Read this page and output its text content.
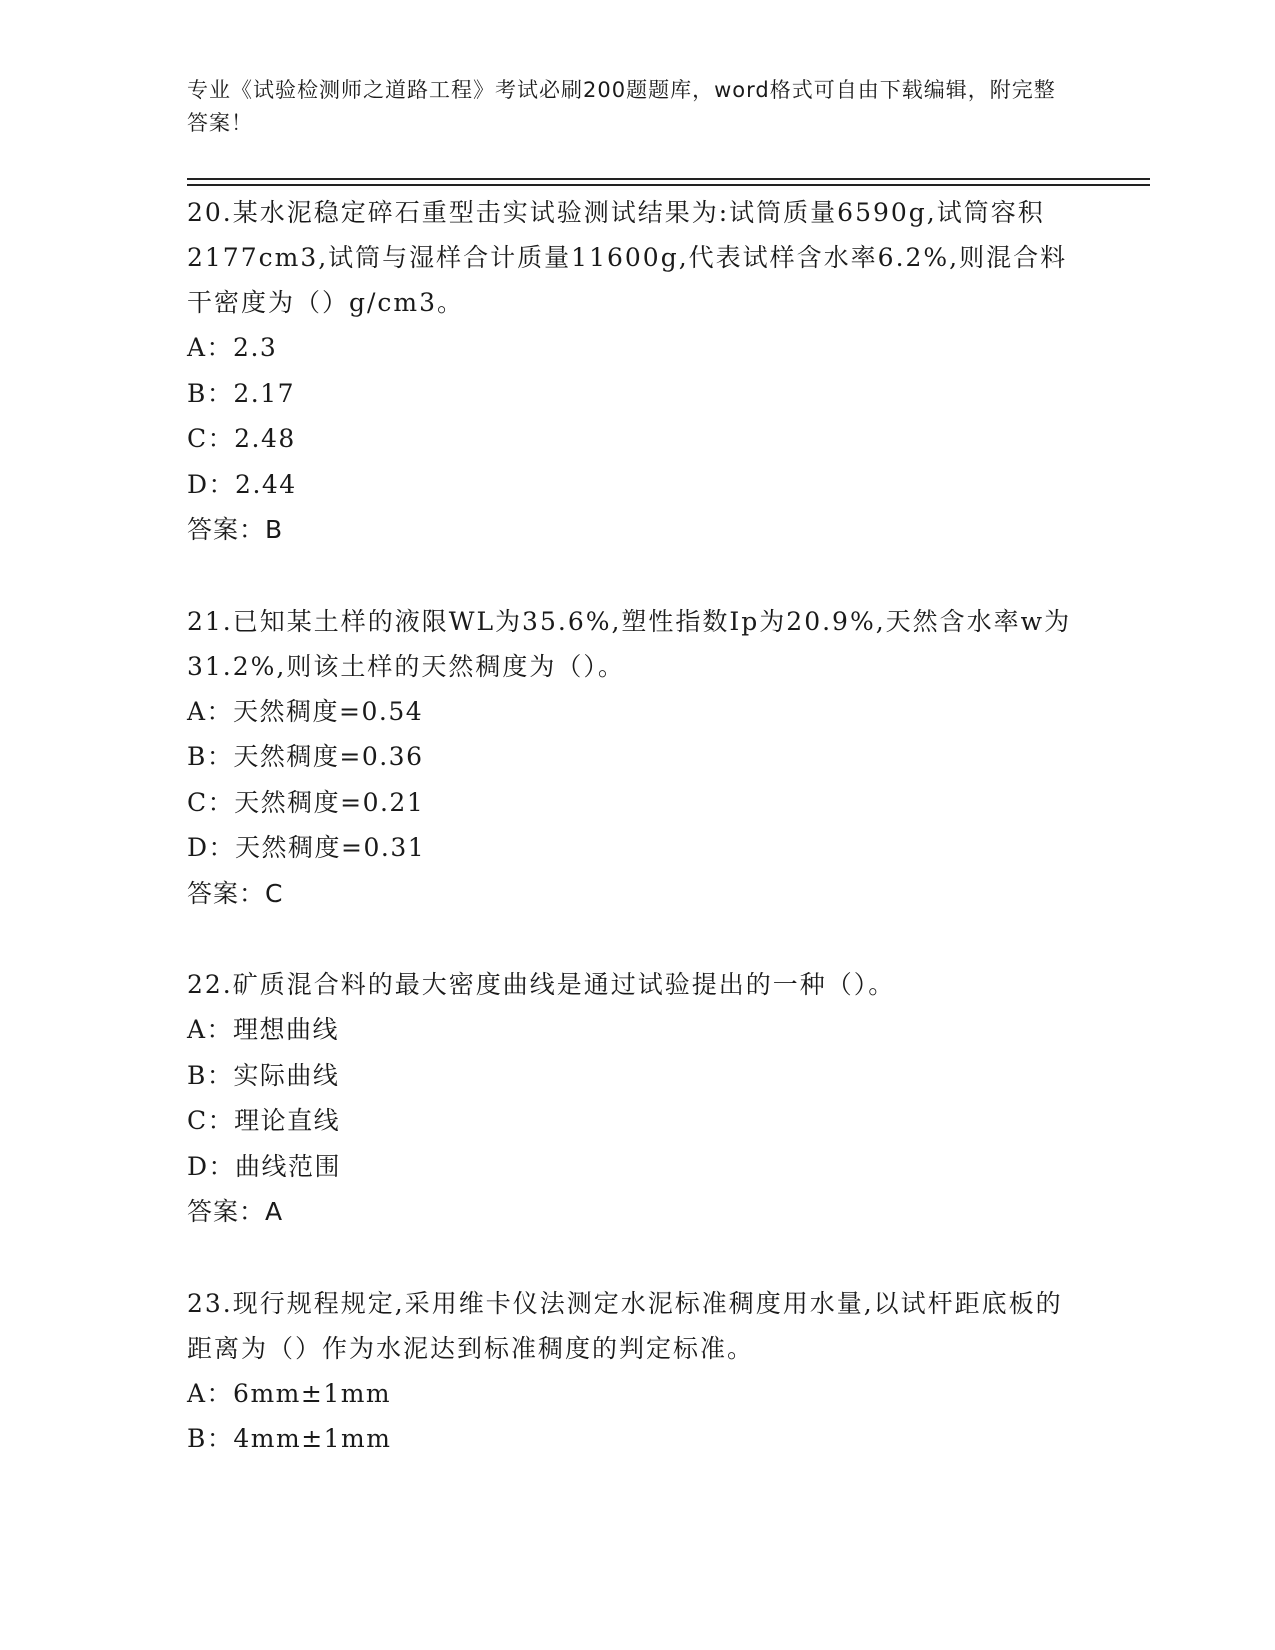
专业《试验检测师之道路工程》考试必刷200题题库，word格式可自由下载编辑，附完整答案！

20.某水泥稳定碎石重型击实试验测试结果为:试筒质量6590g,试筒容积2177cm3,试筒与湿样合计质量11600g,代表试样含水率6.2%,则混合料干密度为（）g/cm3。

A：2.3

B：2.17

C：2.48

D：2.44

答案：B

21.已知某土样的液限WL为35.6%,塑性指数Ip为20.9%,天然含水率w为31.2%,则该土样的天然稠度为（）。

A：天然稠度=0.54

B：天然稠度=0.36

C：天然稠度=0.21

D：天然稠度=0.31

答案：C

22.矿质混合料的最大密度曲线是通过试验提出的一种（）。

A：理想曲线

B：实际曲线

C：理论直线

D：曲线范围

答案：A

23.现行规程规定,采用维卡仪法测定水泥标准稠度用水量,以试杆距底板的距离为（）作为水泥达到标准稠度的判定标准。

A：6mm±1mm

B：4mm±1mm
